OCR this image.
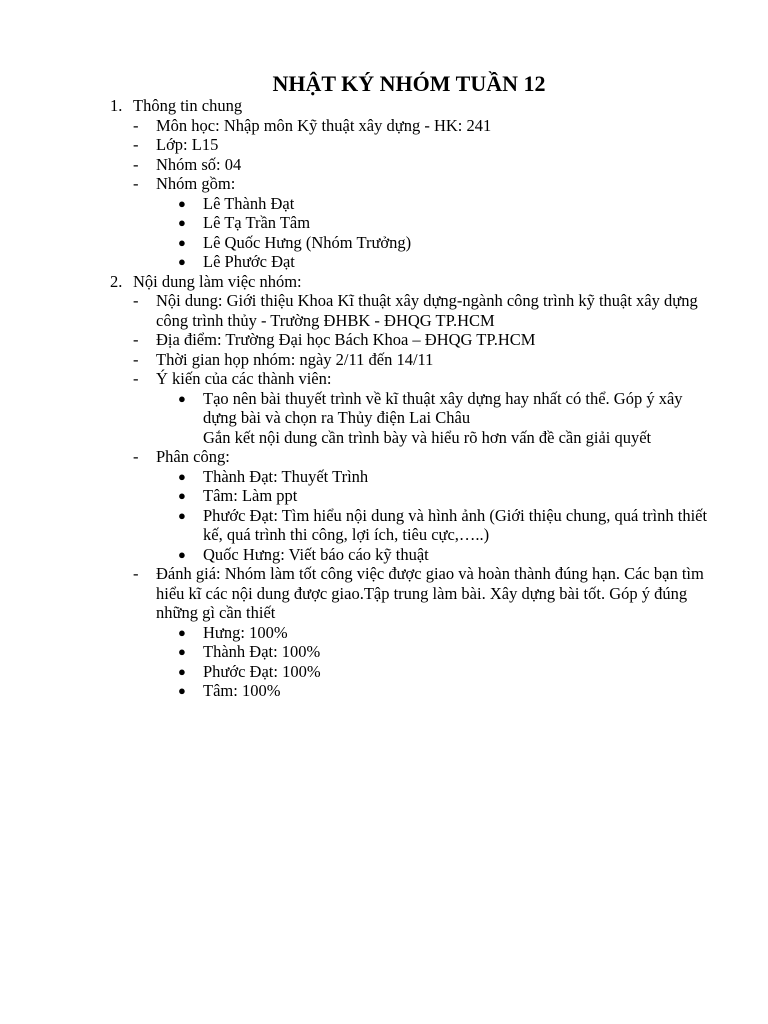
NHẬT KÝ NHÓM TUẦN 12
1. Thông tin chung
- Môn học: Nhập môn Kỹ thuật xây dựng - HK: 241
- Lớp: L15
- Nhóm số: 04
- Nhóm gồm:
● Lê Thành Đạt
● Lê Tạ Trần Tâm
● Lê Quốc Hưng (Nhóm Trưởng)
● Lê Phước Đạt
2. Nội dung làm việc nhóm:
- Nội dung: Giới thiệu Khoa Kĩ thuật xây dựng-ngành công trình kỹ thuật xây dựng công trình thủy - Trường ĐHBK - ĐHQG TP.HCM
- Địa điểm: Trường Đại học Bách Khoa – ĐHQG TP.HCM
- Thời gian họp nhóm: ngày 2/11 đến 14/11
- Ý kiến của các thành viên:
● Tạo nên bài thuyết trình về kĩ thuật xây dựng hay nhất có thể. Góp ý xây dựng bài và chọn ra Thủy điện Lai Châu
Gắn kết nội dung cần trình bày và hiểu rõ hơn vấn đề cần giải quyết
- Phân công:
● Thành Đạt: Thuyết Trình
● Tâm: Làm ppt
● Phước Đạt: Tìm hiểu nội dung và hình ảnh (Giới thiệu chung, quá trình thiết kế, quá trình thi công, lợi ích, tiêu cực,…..)
● Quốc Hưng: Viết báo cáo kỹ thuật
- Đánh giá: Nhóm làm tốt công việc được giao và hoàn thành đúng hạn. Các bạn tìm hiểu kĩ các nội dung được giao.Tập trung làm bài. Xây dựng bài tốt. Góp ý đúng những gì cần thiết
● Hưng: 100%
● Thành Đạt: 100%
● Phước Đạt: 100%
● Tâm: 100%
